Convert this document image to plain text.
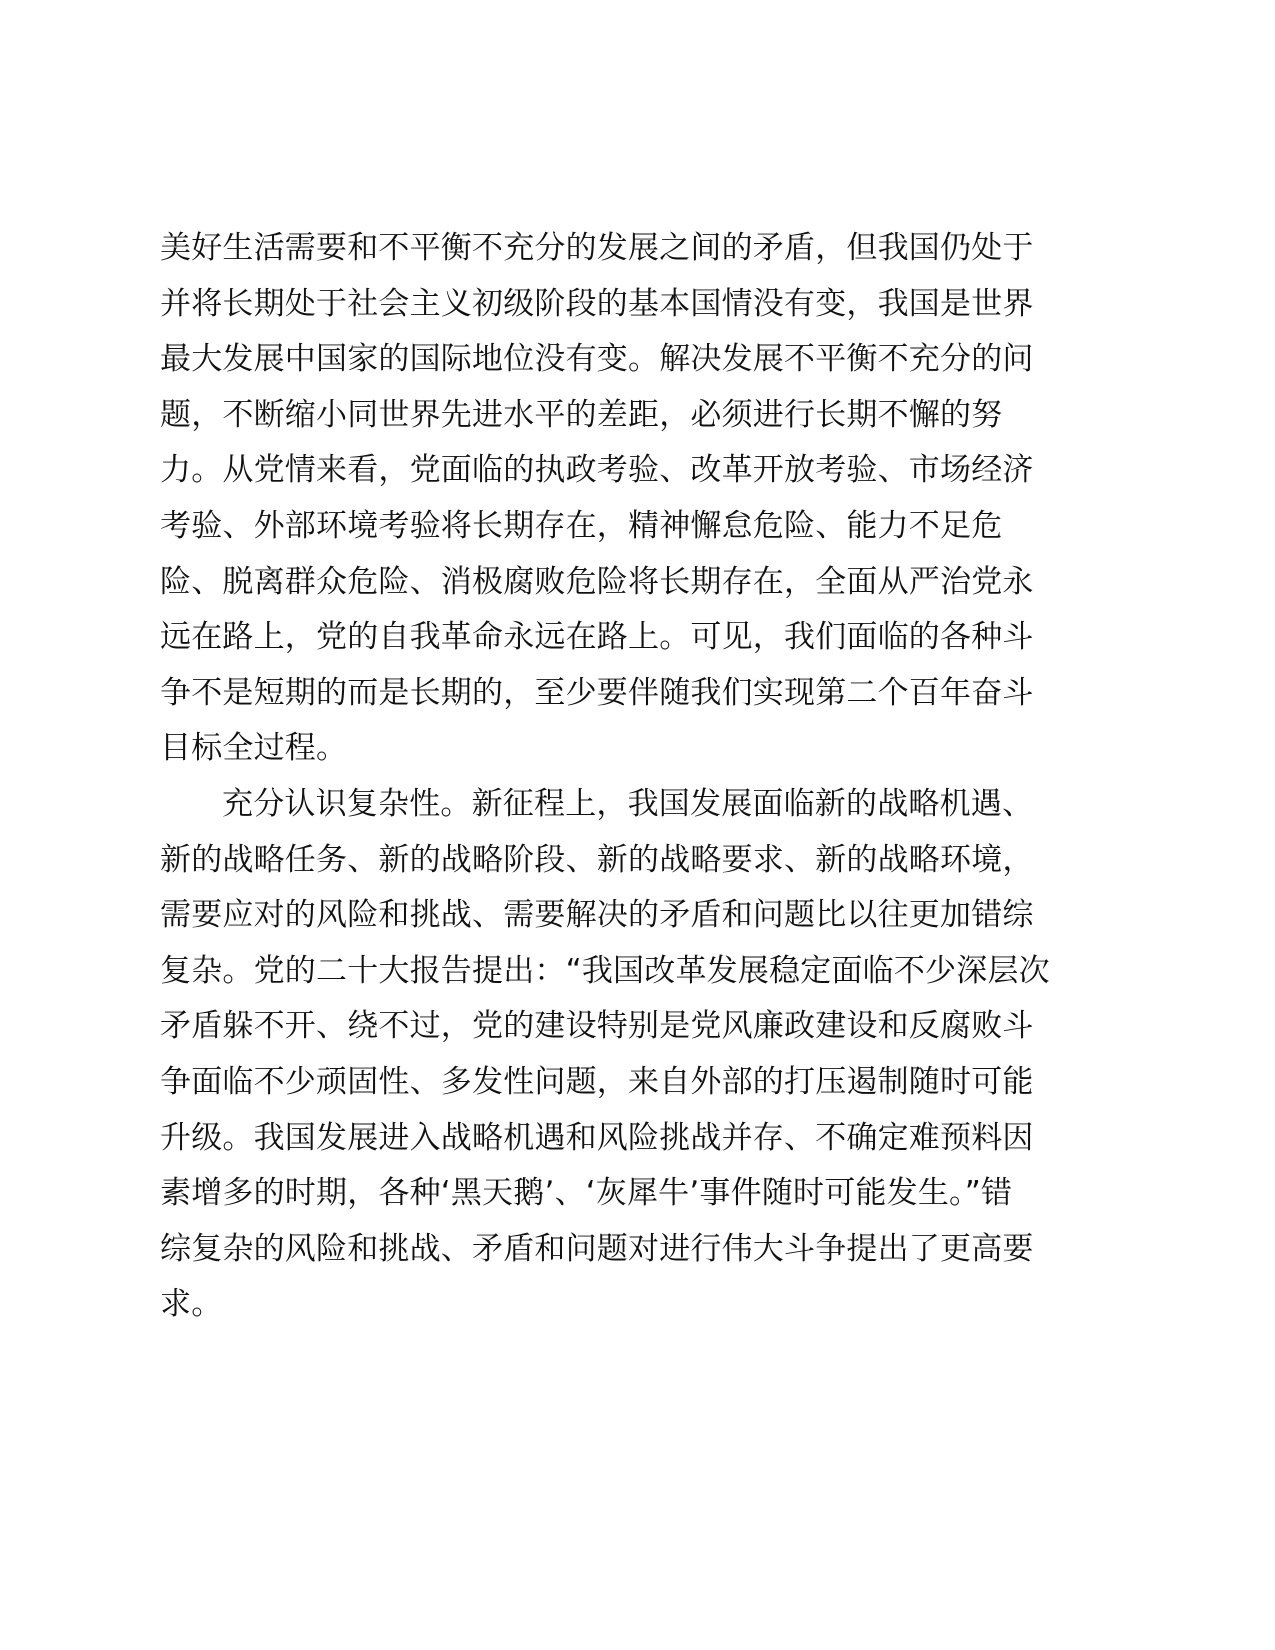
美好生活需要和不平衡不充分的发展之间的矛盾，但我国仍处于
并将长期处于社会主义初级阶段的基本国情没有变，我国是世界
最大发展中国家的国际地位没有变。解决发展不平衡不充分的问
题，不断缩小同世界先进水平的差距，必须进行长期不懈的努
力。从党情来看，党面临的执政考验、改革开放考验、市场经济
考验、外部环境考验将长期存在，精神懈怠危险、能力不足危
险、脱离群众危险、消极腐败危险将长期存在，全面从严治党永
远在路上，党的自我革命永远在路上。可见，我们面临的各种斗
争不是短期的而是长期的，至少要伴随我们实现第二个百年奋斗
目标全过程。
充分认识复杂性。新征程上，我国发展面临新的战略机遇、
新的战略任务、新的战略阶段、新的战略要求、新的战略环境，
需要应对的风险和挑战、需要解决的矛盾和问题比以往更加错综
复杂。党的二十大报告提出：“我国改革发展稳定面临不少深层次
矛盾躲不开、绕不过，党的建设特别是党风廉政建设和反腐败斗
争面临不少顽固性、多发性问题，来自外部的打压遏制随时可能
升级。我国发展进入战略机遇和风险挑战并存、不确定难预料因
素增多的时期，各种‘黑天鹅’、‘灰犀牛’事件随时可能发生。”错
综复杂的风险和挑战、矛盾和问题对进行伟大斗争提出了更高要
求。
